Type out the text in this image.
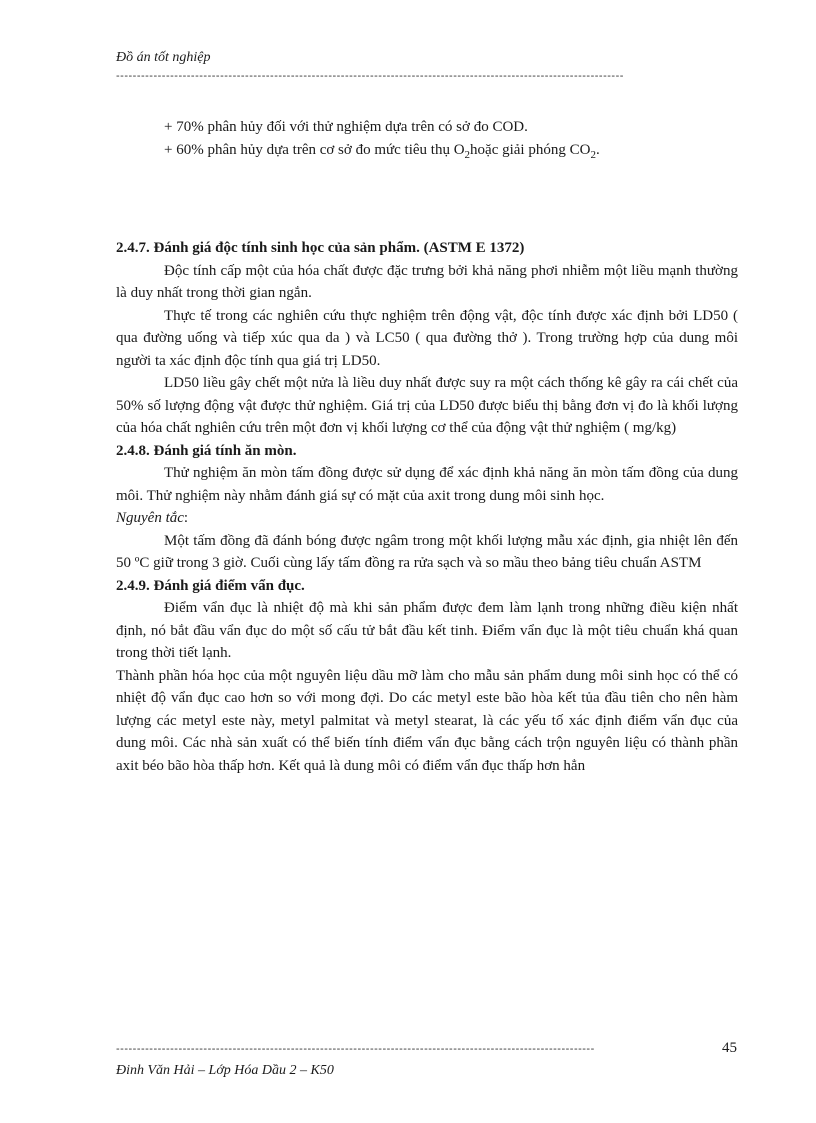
Đồ án tốt nghiệp
--------------------------------------------------------------------------------------------------------------------------

+ 70% phân hủy đối với thử nghiệm dựa trên có sở đo COD.

+ 60% phân hủy dựa trên cơ sở đo mức tiêu thụ $O_2hoặc$ giải phóng $CO_2$.

2.4.7. Đánh giá độc tính sinh học của sản phẩm. (ASTM E 1372)

Độc tính cấp một của hóa chất được đặc trưng bởi khả năng phơi nhiễm một liều mạnh thường là duy nhất trong thời gian ngắn.

Thực tế trong các nghiên cứu thực nghiệm trên động vật, độc tính được xác định bởi LD50 ( qua đường uống và tiếp xúc qua da ) và LC50 ( qua đường thở ). Trong trường hợp của dung môi người ta xác định độc tính qua giá trị LD50.

LD50 liều gây chết một nửa là liều duy nhất được suy ra một cách thống kê gây ra cái chết của 50% số lượng động vật được thử nghiệm. Giá trị của LD50 được biểu thị bằng đơn vị đo là khối lượng của hóa chất nghiên cứu trên một đơn vị khối lượng cơ thể của động vật thử nghiệm ( mg/kg)

2.4.8. Đánh giá tính ăn mòn.

Thử nghiệm ăn mòn tấm đồng được sử dụng để xác định khả năng ăn mòn tấm đồng của dung môi. Thử nghiệm này nhằm đánh giá sự có mặt của axit trong dung môi sinh học.

Nguyên tắc:

Một tấm đồng đã đánh bóng được ngâm trong một khối lượng mẫu xác định, gia nhiệt lên đến 50 ºC giữ trong 3 giờ. Cuối cùng lấy tấm đồng ra rửa sạch và so mầu theo bảng tiêu chuẩn ASTM

2.4.9. Đánh giá điểm vẩn đục.

Điểm vẩn đục là nhiệt độ mà khi sản phẩm được đem làm lạnh trong những điều kiện nhất định, nó bắt đầu vẩn đục do một số cấu tử bắt đầu kết tinh. Điểm vẩn đục là một tiêu chuẩn khá quan trong thời tiết lạnh.

Thành phần hóa học của một nguyên liệu dầu mỡ làm cho mẫu sản phẩm dung môi sinh học có thể có nhiệt độ vẩn đục cao hơn so với mong đợi. Do các metyl este bão hòa kết tủa đầu tiên cho nên hàm lượng các metyl este này, metyl palmitat và metyl stearat, là các yếu tố xác định điểm vẩn đục của dung môi. Các nhà sản xuất có thể biến tính điểm vẩn đục bằng cách trộn nguyên liệu có thành phần axit béo bão hòa thấp hơn. Kết quả là dung môi có điểm vẩn đục thấp hơn hẳn

-------------------------------------------------------------------------------------------------------------------	45
Đinh Văn Hải – Lớp Hóa Dầu 2 – K50
